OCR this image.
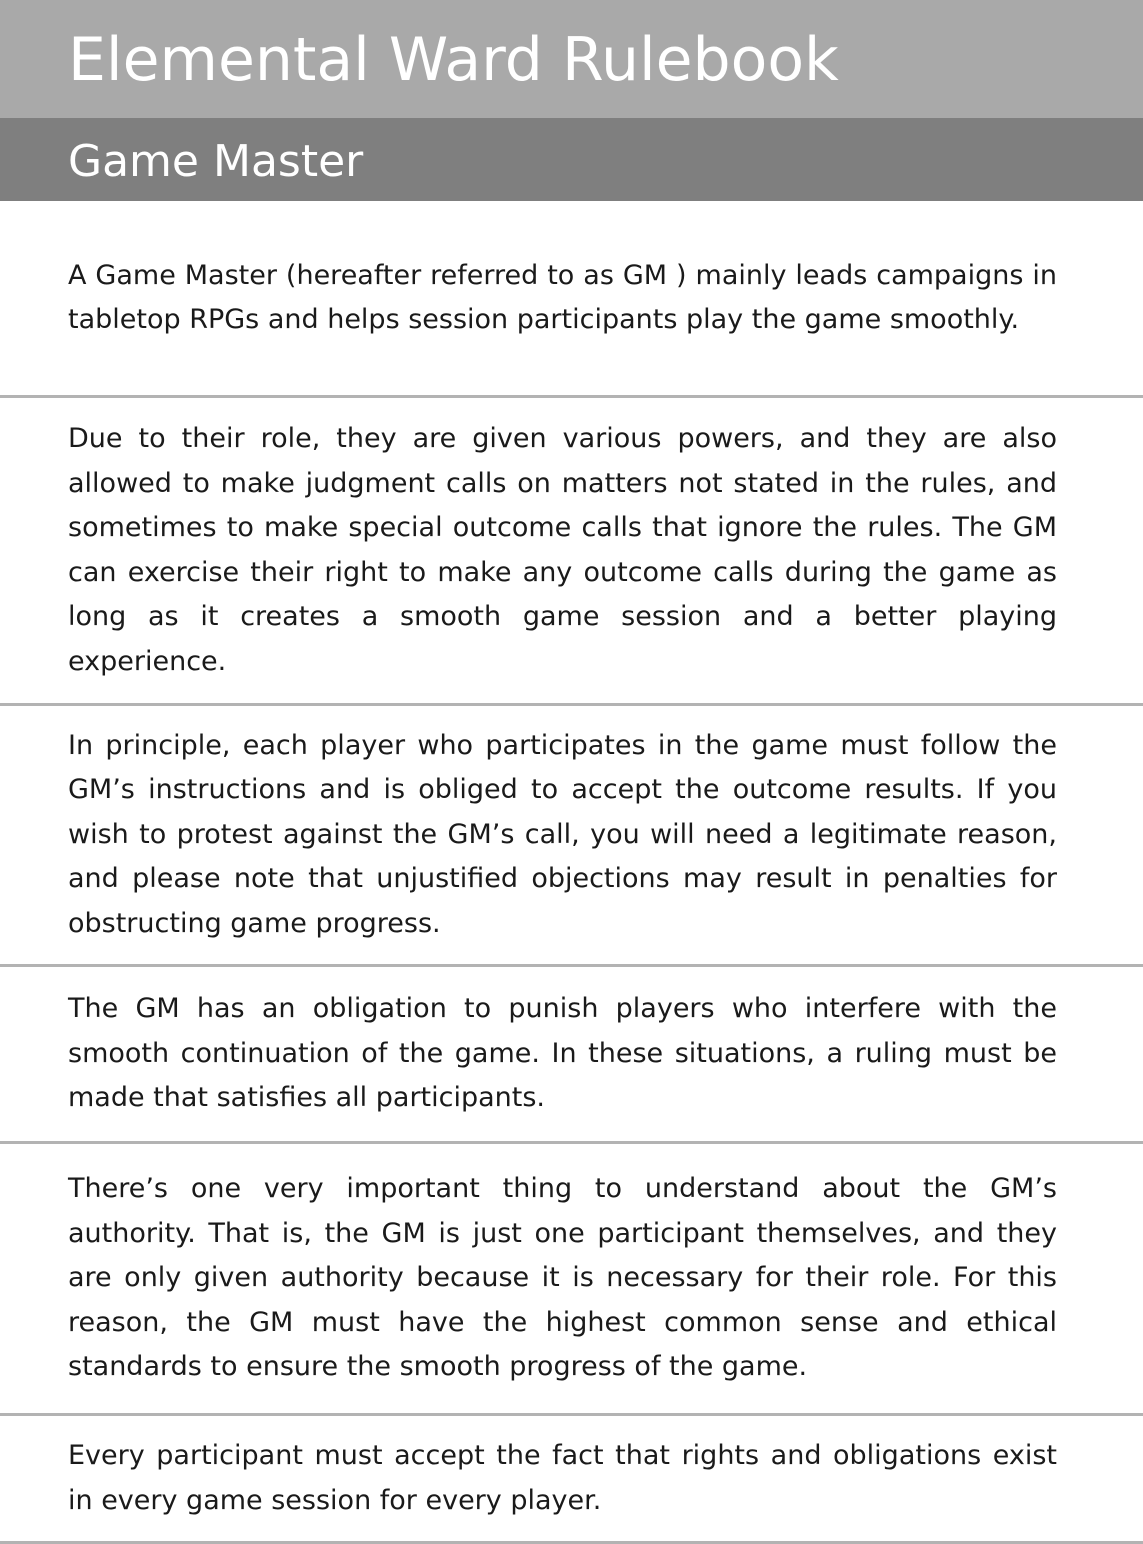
Elemental Ward Rulebook
Game Master

A Game Master (hereafter referred to as GM ) mainly leads campaigns in tabletop RPGs and helps session participants play the game smoothly.

Due to their role, they are given various powers, and they are also allowed to make judgment calls on matters not stated in the rules, and sometimes to make special outcome calls that ignore the rules. The GM can exercise their right to make any outcome calls during the game as long as it creates a smooth game session and a better playing experience.

In principle, each player who participates in the game must follow the GM’s instructions and is obliged to accept the outcome results. If you wish to protest against the GM’s call, you will need a legitimate reason, and please note that unjustified objections may result in penalties for obstructing game progress.

The GM has an obligation to punish players who interfere with the smooth continuation of the game. In these situations, a ruling must be made that satisfies all participants.

There’s one very important thing to understand about the GM’s authority. That is, the GM is just one participant themselves, and they are only given authority because it is necessary for their role. For this reason, the GM must have the highest common sense and ethical standards to ensure the smooth progress of the game.

Every participant must accept the fact that rights and obligations exist in every game session for every player.
